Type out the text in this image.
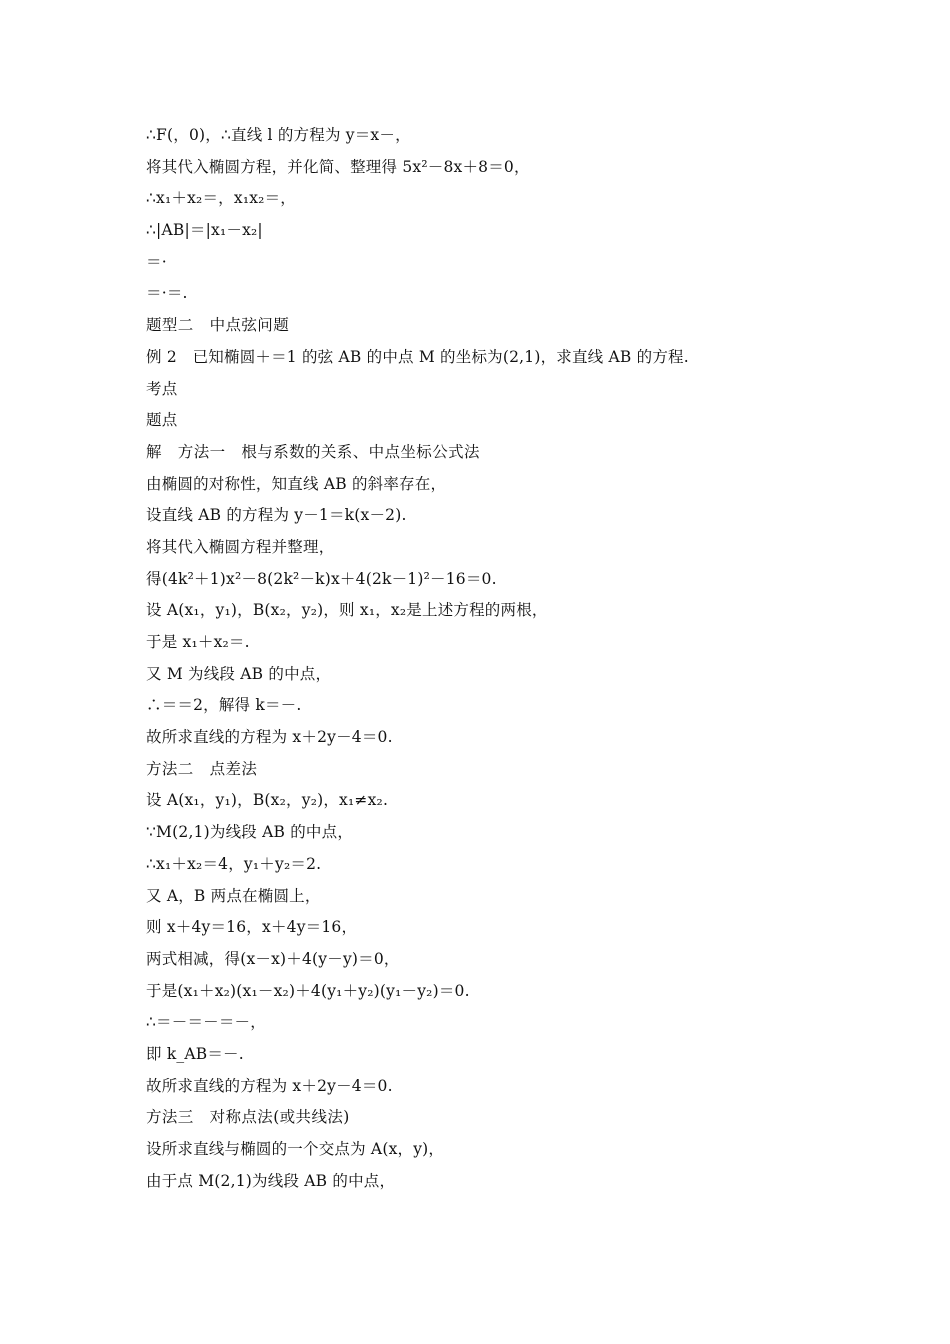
∴F(，0)，∴直线 l 的方程为 y＝x－，
将其代入椭圆方程，并化简、整理得 5x²－8x＋8＝0，
∴x₁＋x₂＝，x₁x₂＝，
∴|AB|＝|x₁－x₂|
＝·
＝·＝.
题型二　中点弦问题
例 2　已知椭圆＋＝1 的弦 AB 的中点 M 的坐标为(2,1)，求直线 AB 的方程.
考点
题点
解　方法一　根与系数的关系、中点坐标公式法
由椭圆的对称性，知直线 AB 的斜率存在，
设直线 AB 的方程为 y－1＝k(x－2).
将其代入椭圆方程并整理，
得(4k²＋1)x²－8(2k²－k)x＋4(2k－1)²－16＝0.
设 A(x₁，y₁)，B(x₂，y₂)，则 x₁，x₂是上述方程的两根，
于是 x₁＋x₂＝.
又 M 为线段 AB 的中点，
∴＝＝2，解得 k＝－.
故所求直线的方程为 x＋2y－4＝0.
方法二　点差法
设 A(x₁，y₁)，B(x₂，y₂)，x₁≠x₂.
∵M(2,1)为线段 AB 的中点，
∴x₁＋x₂＝4，y₁＋y₂＝2.
又 A，B 两点在椭圆上，
则 x＋4y＝16，x＋4y＝16，
两式相减，得(x－x)＋4(y－y)＝0，
于是(x₁＋x₂)(x₁－x₂)＋4(y₁＋y₂)(y₁－y₂)＝0.
∴＝－＝－＝－，
即 k_AB＝－.
故所求直线的方程为 x＋2y－4＝0.
方法三　对称点法(或共线法)
设所求直线与椭圆的一个交点为 A(x，y)，
由于点 M(2,1)为线段 AB 的中点，
